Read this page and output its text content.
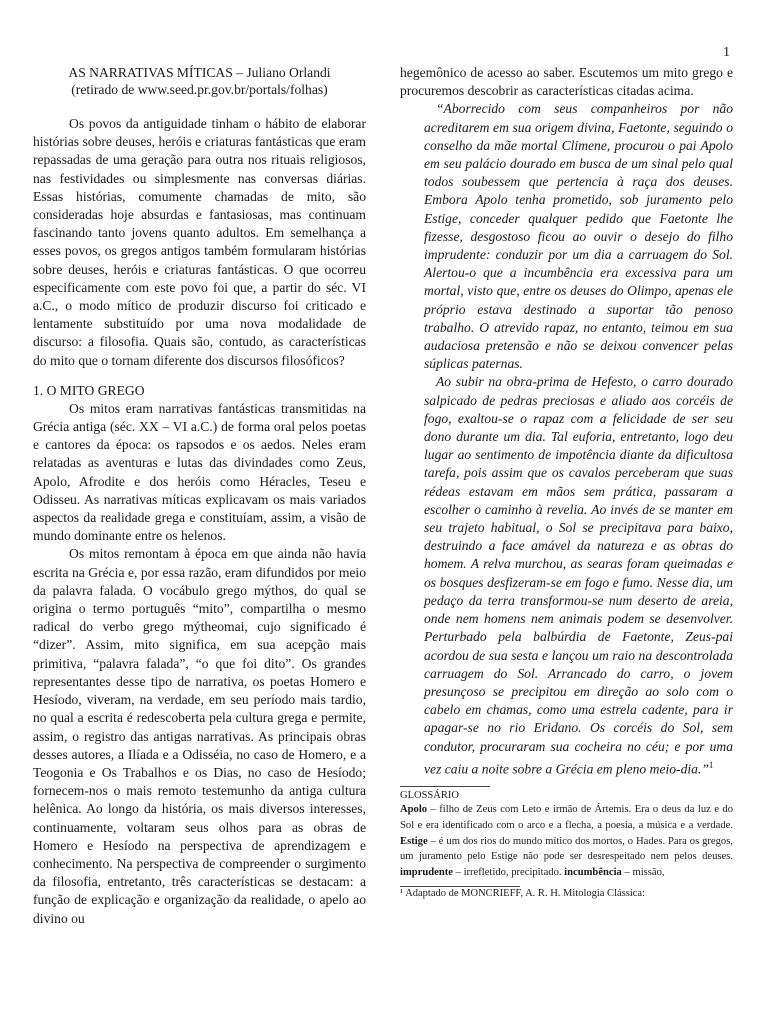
1
AS NARRATIVAS MÍTICAS – Juliano Orlandi
(retirado de www.seed.pr.gov.br/portals/folhas)

Os povos da antiguidade tinham o hábito de elaborar histórias sobre deuses, heróis e criaturas fantásticas que eram repassadas de uma geração para outra nos rituais religiosos, nas festividades ou simplesmente nas conversas diárias. Essas histórias, comumente chamadas de mito, são consideradas hoje absurdas e fantasiosas, mas continuam fascinando tanto jovens quanto adultos. Em semelhança a esses povos, os gregos antigos também formularam histórias sobre deuses, heróis e criaturas fantásticas. O que ocorreu especificamente com este povo foi que, a partir do séc. VI a.C., o modo mítico de produzir discurso foi criticado e lentamente substituído por uma nova modalidade de discurso: a filosofia. Quais são, contudo, as características do mito que o tornam diferente dos discursos filosóficos?

1. O MITO GREGO

Os mitos eram narrativas fantásticas transmitidas na Grécia antiga (séc. XX – VI a.C.) de forma oral pelos poetas e cantores da época: os rapsodos e os aedos. Neles eram relatadas as aventuras e lutas das divindades como Zeus, Apolo, Afrodite e dos heróis como Héracles, Teseu e Odisseu. As narrativas míticas explicavam os mais variados aspectos da realidade grega e constituíam, assim, a visão de mundo dominante entre os helenos.

Os mitos remontam à época em que ainda não havia escrita na Grécia e, por essa razão, eram difundidos por meio da palavra falada. O vocábulo grego mýthos, do qual se origina o termo português “mito”, compartilha o mesmo radical do verbo grego mýtheomai, cujo significado é “dizer”. Assim, mito significa, em sua acepção mais primitiva, “palavra falada”, “o que foi dito”. Os grandes representantes desse tipo de narrativa, os poetas Homero e Hesíodo, viveram, na verdade, em seu período mais tardio, no qual a escrita é redescoberta pela cultura grega e permite, assim, o registro das antigas narrativas. As principais obras desses autores, a Ilíada e a Odisséia, no caso de Homero, e a Teogonia e Os Trabalhos e os Dias, no caso de Hesíodo; fornecem-nos o mais remoto testemunho da antiga cultura helênica. Ao longo da história, os mais diversos interesses, continuamente, voltaram seus olhos para as obras de Homero e Hesíodo na perspectiva de aprendizagem e conhecimento. Na perspectiva de compreender o surgimento da filosofia, entretanto, três características se destacam: a função de explicação e organização da realidade, o apelo ao divino ou

hegemônico de acesso ao saber. Escutemos um mito grego e procuremos descobrir as características citadas acima.

“Aborrecido com seus companheiros por não acreditarem em sua origem divina, Faetonte, seguindo o conselho da mãe mortal Climene, procurou o pai Apolo em seu palácio dourado em busca de um sinal pelo qual todos soubessem que pertencia à raça dos deuses. Embora Apolo tenha prometido, sob juramento pelo Estige, conceder qualquer pedido que Faetonte lhe fizesse, desgostoso ficou ao ouvir o desejo do filho imprudente: conduzir por um dia a carruagem do Sol. Alertou-o que a incumbência era excessiva para um mortal, visto que, entre os deuses do Olimpo, apenas ele próprio estava destinado a suportar tão penoso trabalho. O atrevido rapaz, no entanto, teimou em sua audaciosa pretensão e não se deixou convencer pelas súplicas paternas.

Ao subir na obra-prima de Hefesto, o carro dourado salpicado de pedras preciosas e aliado aos corcéis de fogo, exaltou-se o rapaz com a felicidade de ser seu dono durante um dia. Tal euforia, entretanto, logo deu lugar ao sentimento de impotência diante da dificultosa tarefa, pois assim que os cavalos perceberam que suas rédeas estavam em mãos sem prática, passaram a escolher o caminho à revelia. Ao invés de se manter em seu trajeto habitual, o Sol se precipitava para baixo, destruindo a face amável da natureza e as obras do homem. A relva murchou, as searas foram queimadas e os bosques desfizeram-se em fogo e fumo. Nesse dia, um pedaço da terra transformou-se num deserto de areia, onde nem homens nem animais podem se desenvolver. Perturbado pela balbúrdia de Faetonte, Zeus-pai acordou de sua sesta e lançou um raio na descontrolada carruagem do Sol. Arrancado do carro, o jovem presunçoso se precipitou em direção ao solo com o cabelo em chamas, como uma estrela cadente, para ir apagar-se no rio Eridano. Os corcéis do Sol, sem condutor, procuraram sua cocheira no céu; e por uma vez caiu a noite sobre a Grécia em pleno meio-dia.”$^1$

GLOSSÁRIO
Apolo – filho de Zeus com Leto e irmão de Ártemis. Era o deus da luz e do Sol e era identificado com o arco e a flecha, a poesia, a música e a verdade. Estige – é um dos rios do mundo mítico dos mortos, o Hades. Para os gregos, um juramento pelo Estige não pode ser desrespeitado nem pelos deuses. imprudente – irrefletido, precipitado. incumbência – missão,
¹ Adaptado de MONCRIEFF, A. R. H. Mitologia Clássica:
